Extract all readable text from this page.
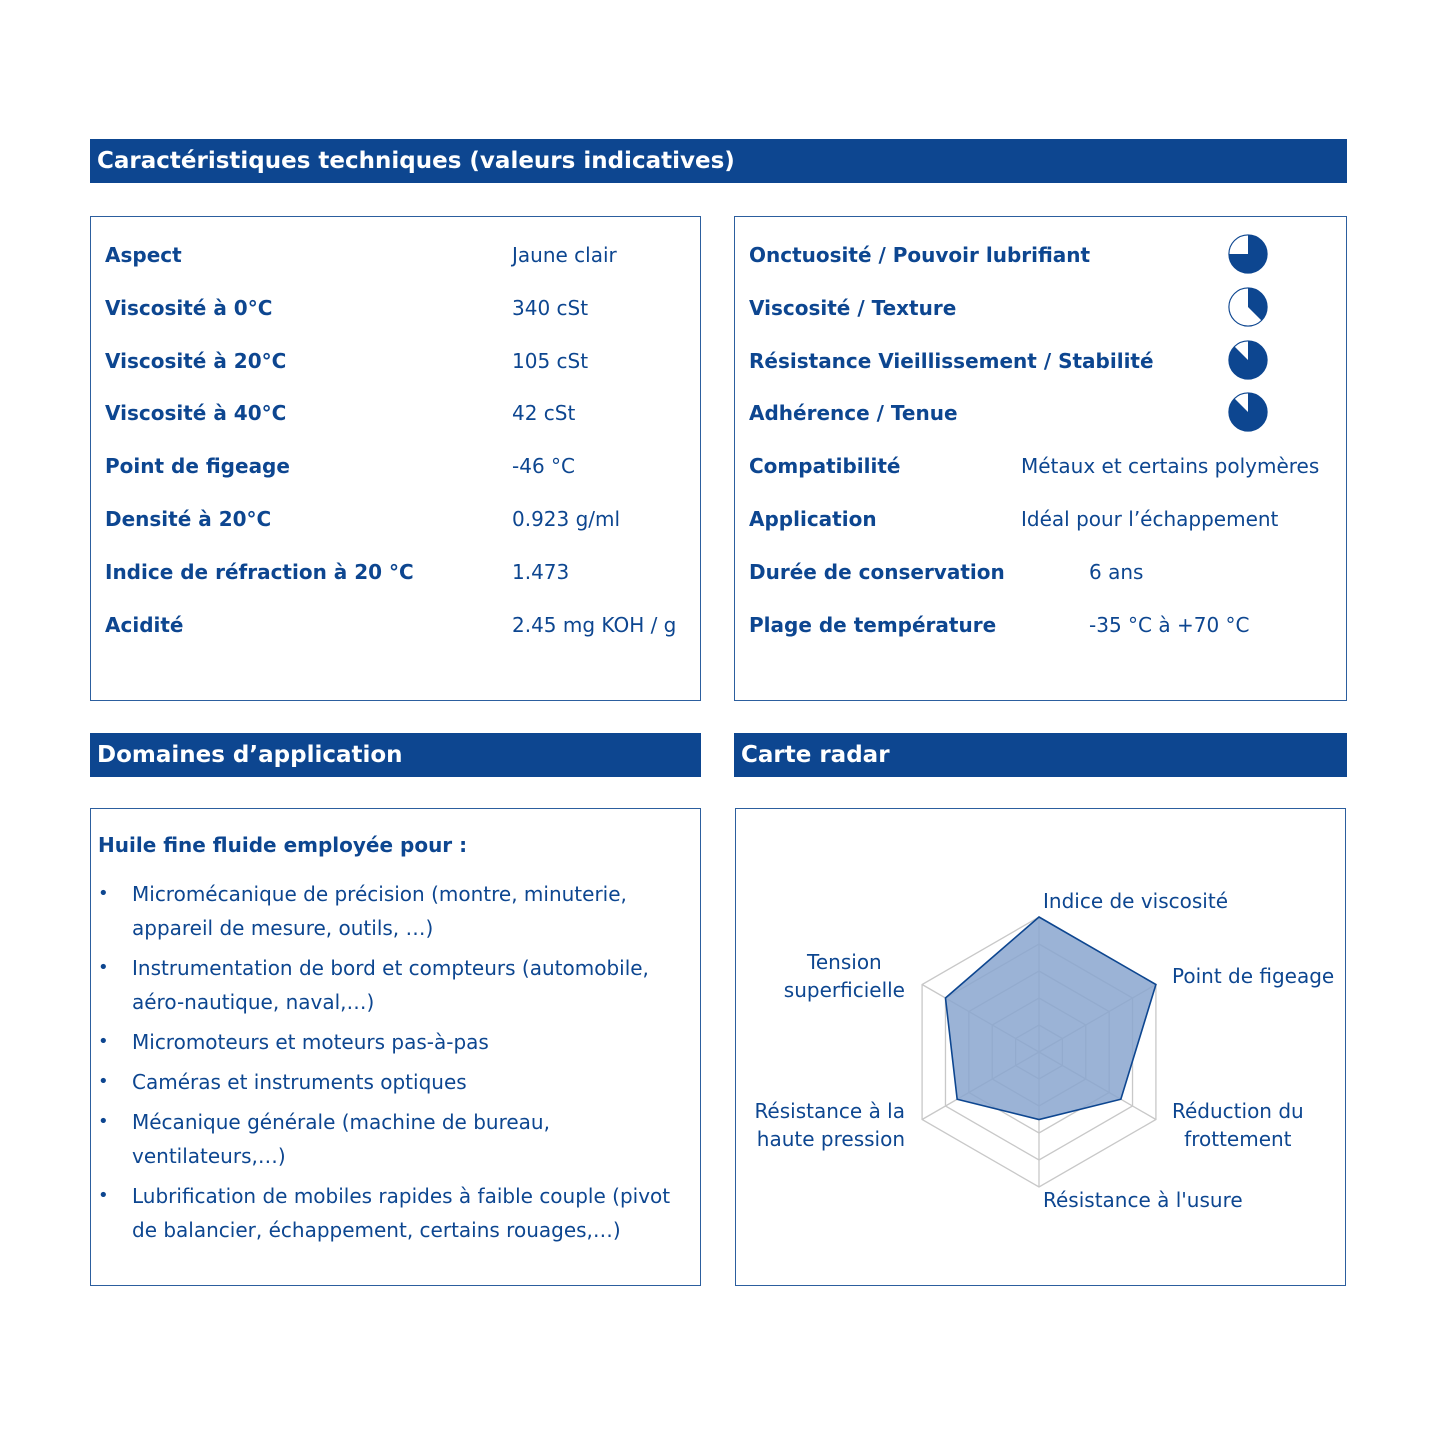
Caractéristiques techniques (valeurs indicatives)
Aspect	Jaune clair
Viscosité à 0°C	340 cSt
Viscosité à 20°C	105 cSt
Viscosité à 40°C	42 cSt
Point de figeage	-46 °C
Densité à 20°C	0.923 g/ml
Indice de réfraction à 20 °C	1.473
Acidité	2.45 mg KOH / g
Onctuosité / Pouvoir lubrifiant
Viscosité / Texture
Résistance Vieillissement / Stabilité
Adhérence / Tenue
Compatibilité	Métaux et certains polymères
Application	Idéal pour l’échappement
Durée de conservation	6 ans
Plage de température	-35 °C à +70 °C
Domaines d’application	Carte radar
Huile fine fluide employée pour :
• Micromécanique de précision (montre, minuterie, appareil de mesure, outils, …)
• Instrumentation de bord et compteurs (automobile, aéro-nautique, naval,…)
• Micromoteurs et moteurs pas-à-pas
• Caméras et instruments optiques
• Mécanique générale (machine de bureau, ventilateurs,…)
• Lubrification de mobiles rapides à faible couple (pivot de balancier, échappement, certains rouages,…)
Indice de viscosité
Point de figeage
Réduction du
frottement
Résistance à l'usure
Résistance à la
haute pression
Tension
superficielle
